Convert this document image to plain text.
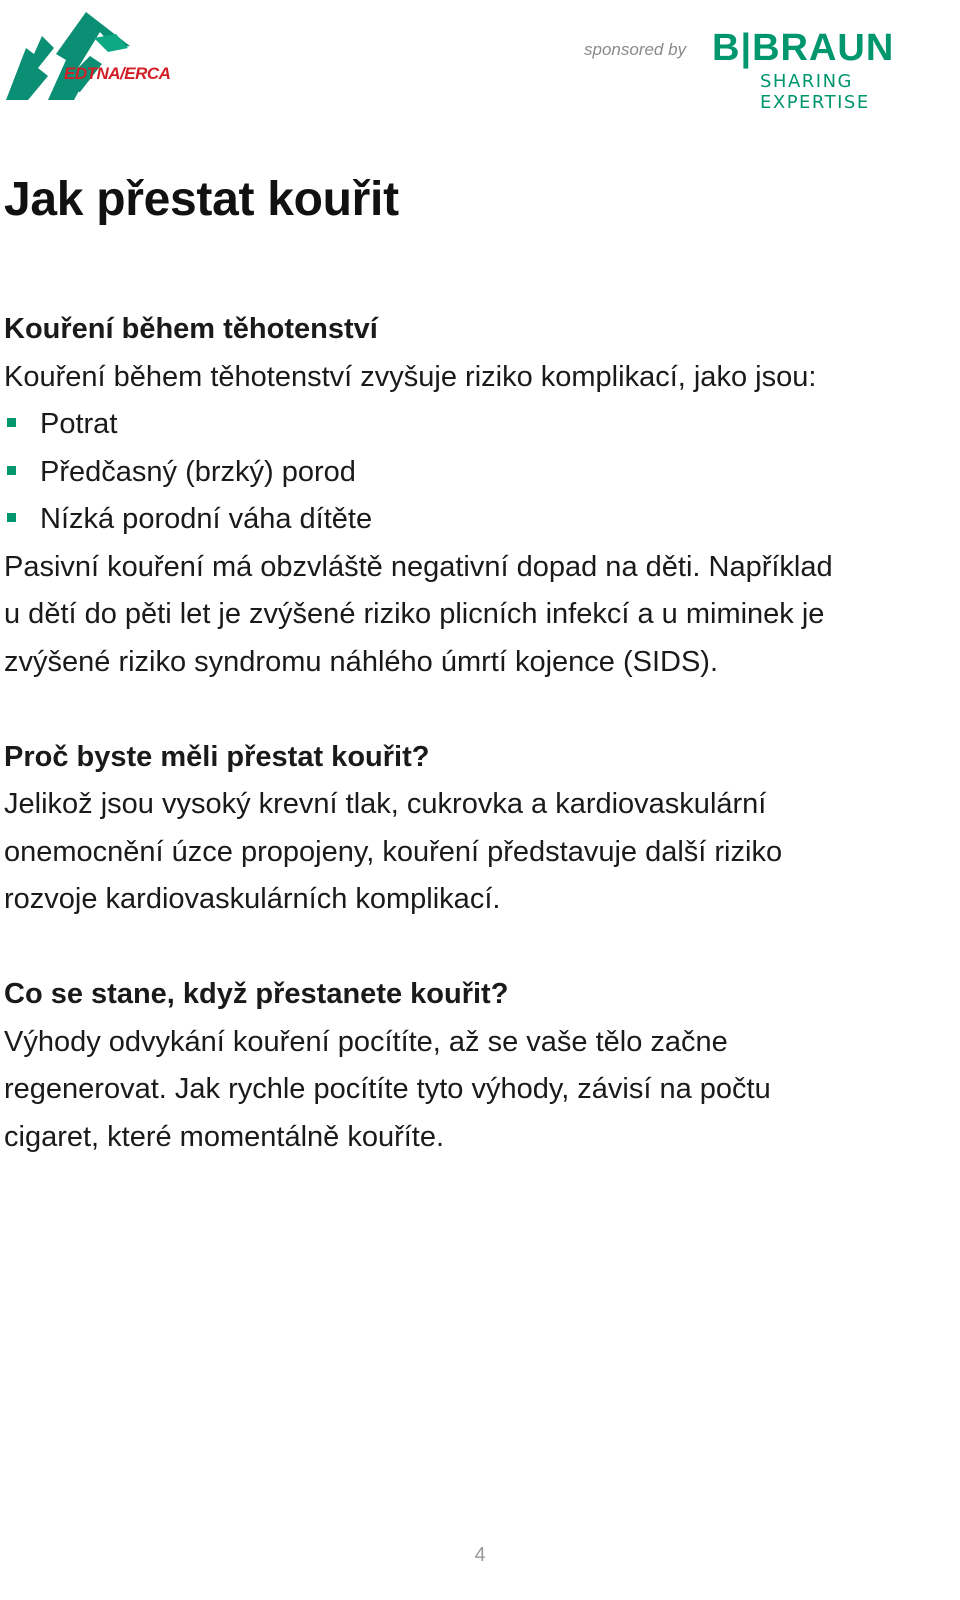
EDTNA/ERCA
sponsored by B|BRAUN
SHARING EXPERTISE
Jak přestat kouřit

Kouření během těhotenství

Kouření během těhotenství zvyšuje riziko komplikací, jako jsou:

Potrat
Předčasný (brzký) porod
Nízká porodní váha dítěte

Pasivní kouření má obzvláště negativní dopad na děti. Například

u dětí do pěti let je zvýšené riziko plicních infekcí a u miminek je

zvýšené riziko syndromu náhlého úmrtí kojence (SIDS).

Proč byste měli přestat kouřit?

Jelikož jsou vysoký krevní tlak, cukrovka a kardiovaskulární

onemocnění úzce propojeny, kouření představuje další riziko

rozvoje kardiovaskulárních komplikací.

Co se stane, když přestanete kouřit?

Výhody odvykání kouření pocítíte, až se vaše tělo začne

regenerovat. Jak rychle pocítíte tyto výhody, závisí na počtu

cigaret, které momentálně kouříte.

4
